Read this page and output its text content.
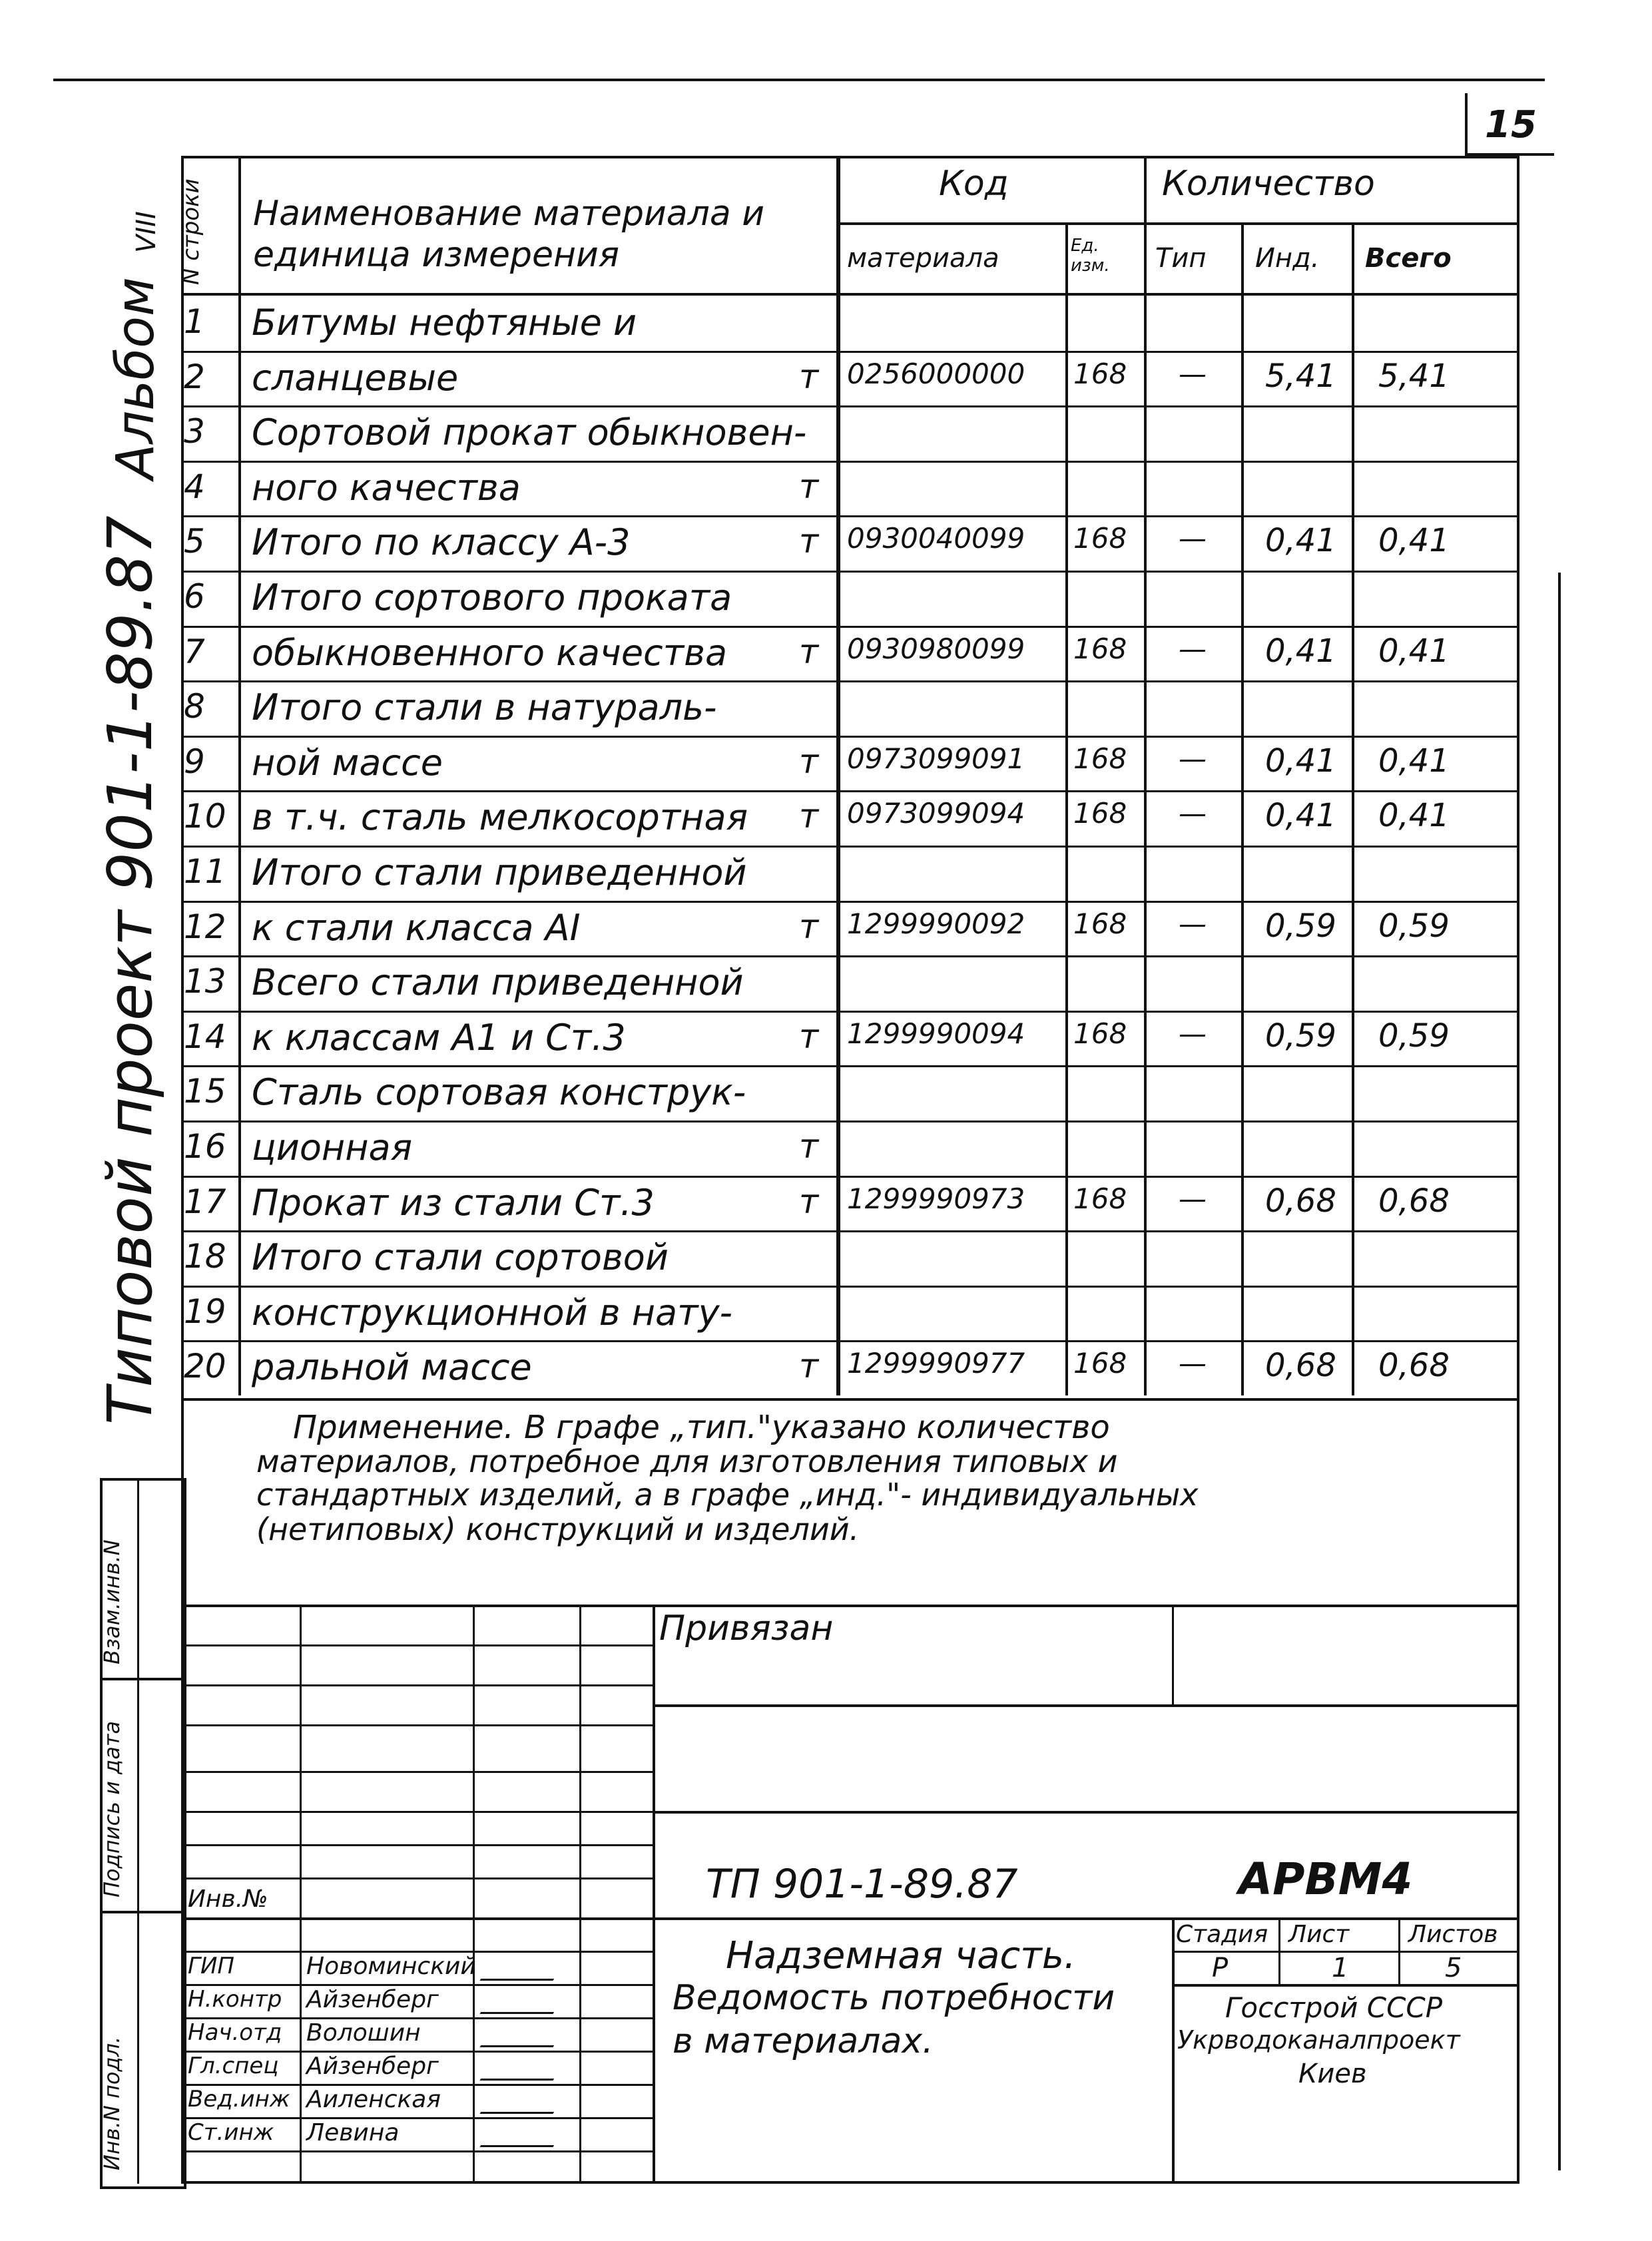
15
Альбом
VIII
Типовой проект 901-1-89.87
N строки Наименование материала и единица измерения
Код
материала	Ед. изм.
Количество
Тип Инд. Всего
1 Битумы нефтяные и
2 сланцевые	т 0256000000 168 — 5,41 5,41
3 Сортовой прокат обыкновен-
4 ного качества	т
5 Итого по классу А-3	т 0930040099 168 — 0,41 0,41
6 Итого сортового проката
7 обыкновенного качества т 0930980099 168 — 0,41 0,41
8 Итого стали в натураль-
9 ной массе	т 0973099091 168 — 0,41 0,41
10 в т.ч. сталь мелкосортная т 0973099094 168 — 0,41 0,41
11 Итого стали приведенной
12 к стали класса АI	т 1299990092 168 — 0,59 0,59
13 Всего стали приведенной
14 к классам А1 и Ст.3	т 1299990094 168 — 0,59 0,59
15 Сталь сортовая конструк-
16 ционная	т
17 Прокат из стали Ст.3	т 1299990973 168 — 0,68 0,68
18 Итого стали сортовой
19 конструкционной в нату-
20 ральной массе	т 1299990977 168 — 0,68 0,68
Применение. В графе „тип."указано количество
материалов, потребное для изготовления типовых и
стандартных изделий, а в графе „инд."- индивидуальных
(нетиповых) конструкций и изделий.
Взам.инв.N
Подпись и дата
Инв.N подл.
Инв.№
ГИП	Новоминский
Н.контр Айзенберг
Нач.отд Волошин
Гл.спец Айзенберг
Вед.инж Аиленская
Ст.инж Левина
Привязан
ТП 901-1-89.87	АРВМ4
Стадия Лист Листов
Р	1	5
Надземная часть.
Ведомость потребности
в материалах.
Госстрой СССР
Укрводоканалпроект
Киев
